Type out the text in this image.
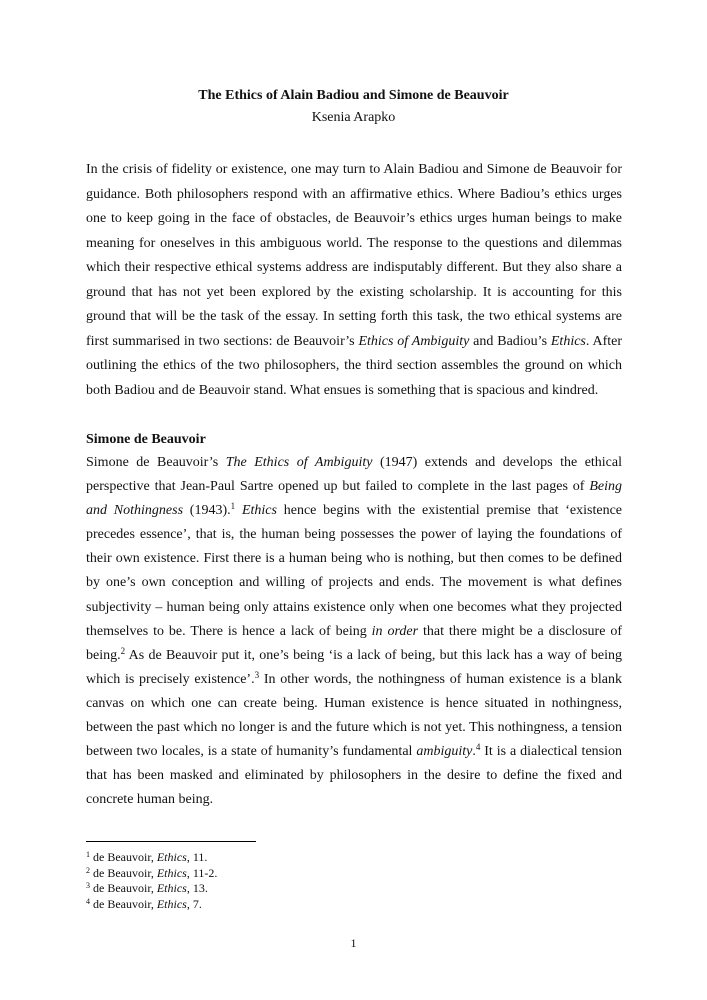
The Ethics of Alain Badiou and Simone de Beauvoir
Ksenia Arapko

In the crisis of fidelity or existence, one may turn to Alain Badiou and Simone de Beauvoir for guidance. Both philosophers respond with an affirmative ethics. Where Badiou’s ethics urges one to keep going in the face of obstacles, de Beauvoir’s ethics urges human beings to make meaning for oneselves in this ambiguous world. The response to the questions and dilemmas which their respective ethical systems address are indisputably different. But they also share a ground that has not yet been explored by the existing scholarship. It is accounting for this ground that will be the task of the essay. In setting forth this task, the two ethical systems are first summarised in two sections: de Beauvoir’s Ethics of Ambiguity and Badiou’s Ethics. After outlining the ethics of the two philosophers, the third section assembles the ground on which both Badiou and de Beauvoir stand. What ensues is something that is spacious and kindred.

Simone de Beauvoir

Simone de Beauvoir’s The Ethics of Ambiguity (1947) extends and develops the ethical perspective that Jean-Paul Sartre opened up but failed to complete in the last pages of Being and Nothingness (1943).$^1$ Ethics hence begins with the existential premise that ‘existence precedes essence’, that is, the human being possesses the power of laying the foundations of their own existence. First there is a human being who is nothing, but then comes to be defined by one’s own conception and willing of projects and ends. The movement is what defines subjectivity – human being only attains existence only when one becomes what they projected themselves to be. There is hence a lack of being in order that there might be a disclosure of being.$^2$ As de Beauvoir put it, one’s being ‘is a lack of being, but this lack has a way of being which is precisely existence’.$^3$ In other words, the nothingness of human existence is a blank canvas on which one can create being. Human existence is hence situated in nothingness, between the past which no longer is and the future which is not yet. This nothingness, a tension between two locales, is a state of humanity’s fundamental ambiguity.$^4$ It is a dialectical tension that has been masked and eliminated by philosophers in the desire to define the fixed and concrete human being.

$^1$ de Beauvoir, Ethics, 11.
$^2$ de Beauvoir, Ethics, 11-2.
$^3$ de Beauvoir, Ethics, 13.
$^4$ de Beauvoir, Ethics, 7.
1
